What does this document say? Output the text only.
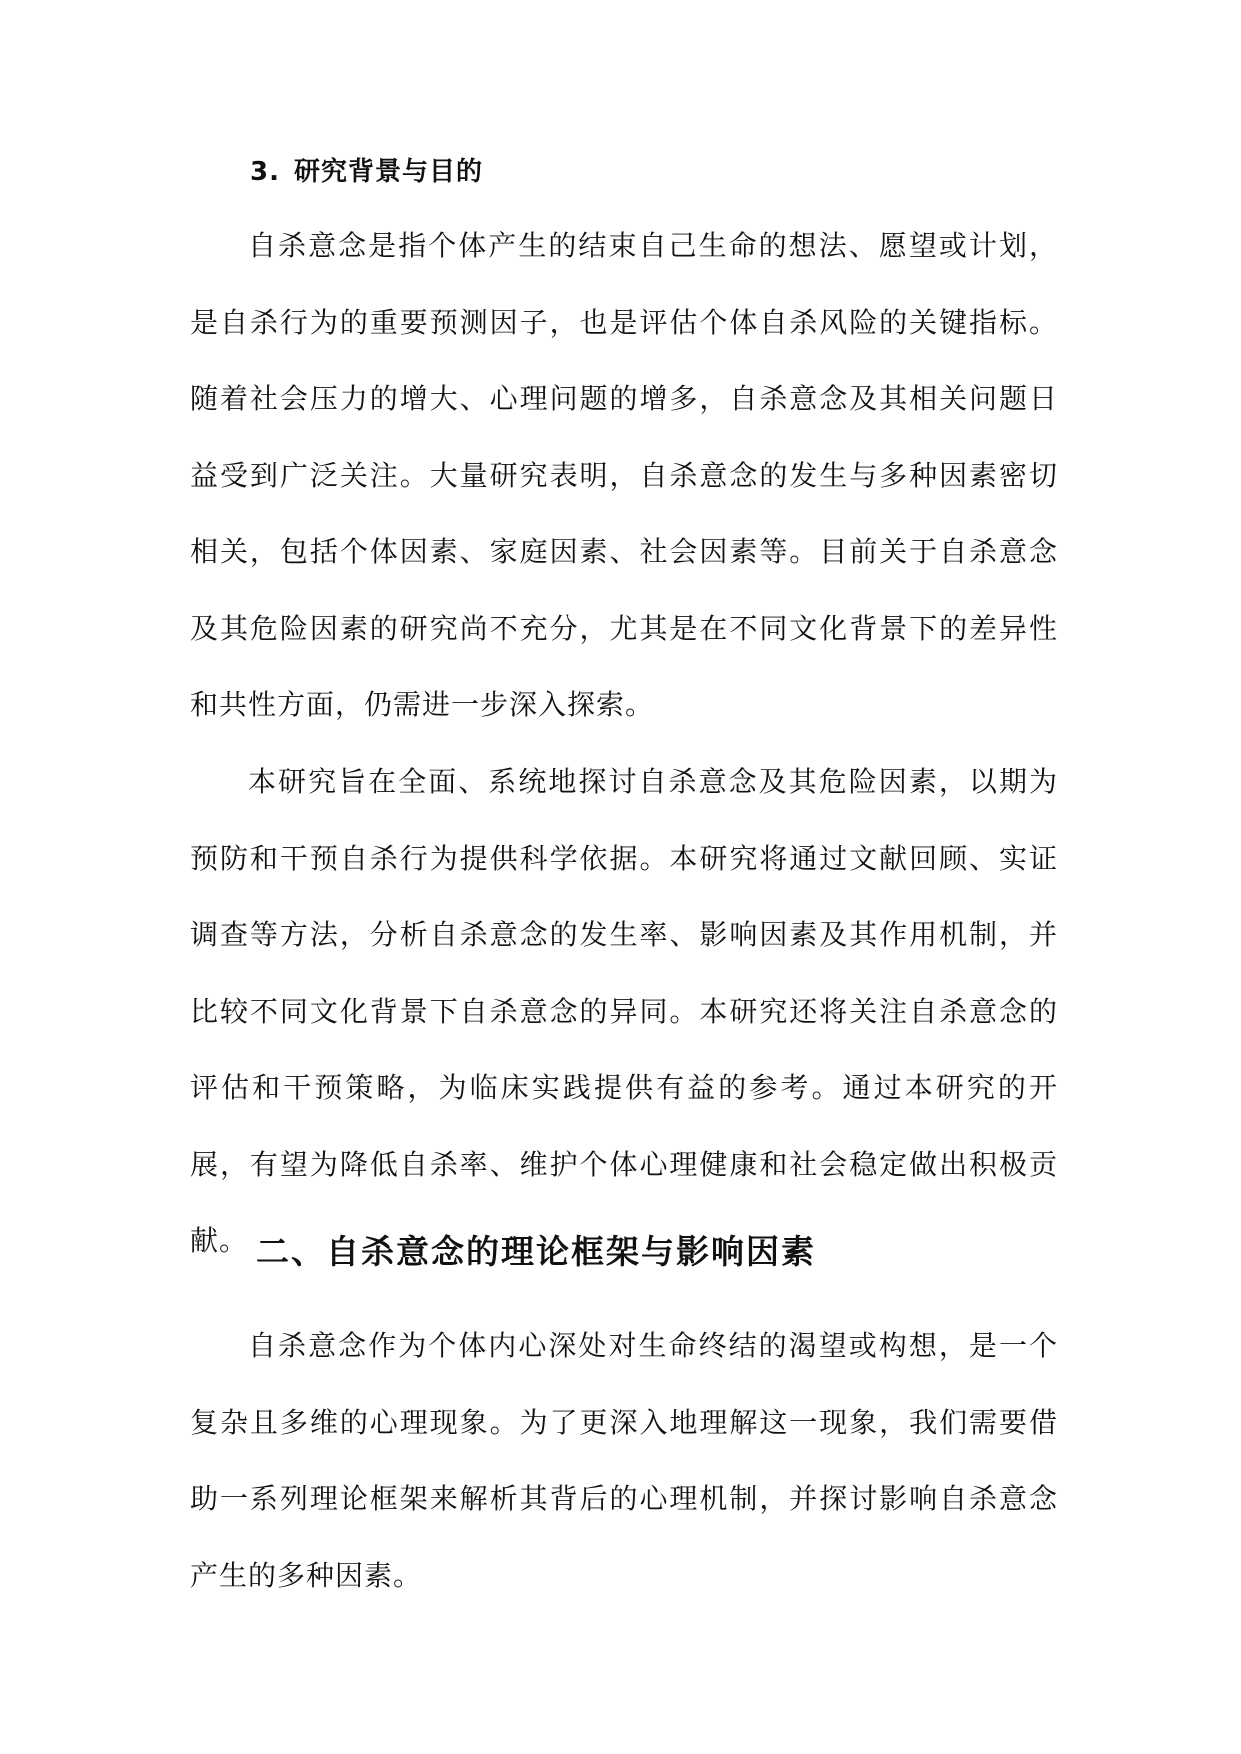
3. 研究背景与目的

自杀意念是指个体产生的结束自己生命的想法、愿望或计划，是自杀行为的重要预测因子，也是评估个体自杀风险的关键指标。随着社会压力的增大、心理问题的增多，自杀意念及其相关问题日益受到广泛关注。大量研究表明，自杀意念的发生与多种因素密切相关，包括个体因素、家庭因素、社会因素等。目前关于自杀意念及其危险因素的研究尚不充分，尤其是在不同文化背景下的差异性和共性方面，仍需进一步深入探索。

本研究旨在全面、系统地探讨自杀意念及其危险因素，以期为预防和干预自杀行为提供科学依据。本研究将通过文献回顾、实证调查等方法，分析自杀意念的发生率、影响因素及其作用机制，并比较不同文化背景下自杀意念的异同。本研究还将关注自杀意念的评估和干预策略，为临床实践提供有益的参考。通过本研究的开展，有望为降低自杀率、维护个体心理健康和社会稳定做出积极贡献。 二、自杀意念的理论框架与影响因素

自杀意念作为个体内心深处对生命终结的渴望或构想，是一个复杂且多维的心理现象。为了更深入地理解这一现象，我们需要借助一系列理论框架来解析其背后的心理机制，并探讨影响自杀意念产生的多种因素。
